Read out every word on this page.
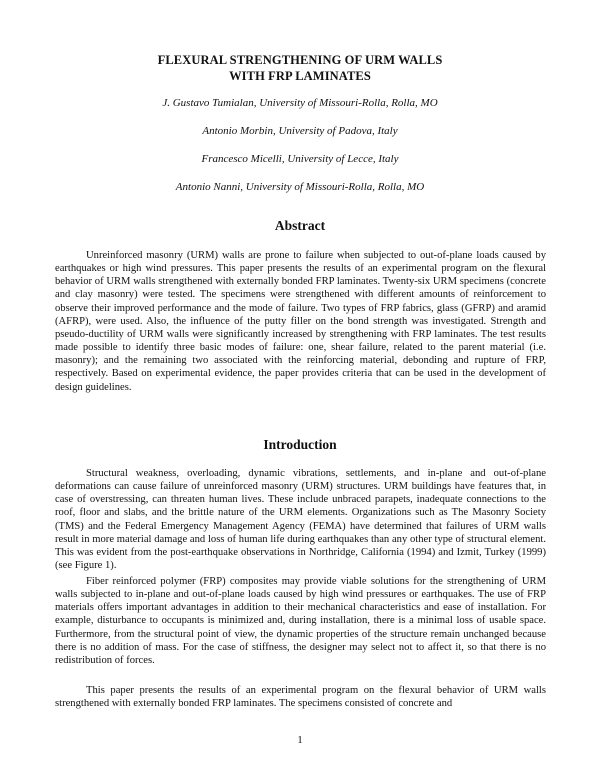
FLEXURAL STRENGTHENING OF URM WALLS
WITH FRP LAMINATES
J. Gustavo Tumialan, University of Missouri-Rolla, Rolla, MO
Antonio Morbin, University of Padova, Italy
Francesco Micelli, University of Lecce, Italy
Antonio Nanni, University of Missouri-Rolla, Rolla, MO
Abstract

Unreinforced masonry (URM) walls are prone to failure when subjected to out-of-plane loads caused by earthquakes or high wind pressures. This paper presents the results of an experimental program on the flexural behavior of URM walls strengthened with externally bonded FRP laminates. Twenty-six URM specimens (concrete and clay masonry) were tested. The specimens were strengthened with different amounts of reinforcement to observe their improved performance and the mode of failure. Two types of FRP fabrics, glass (GFRP) and aramid (AFRP), were used. Also, the influence of the putty filler on the bond strength was investigated. Strength and pseudo-ductility of URM walls were significantly increased by strengthening with FRP laminates. The test results made possible to identify three basic modes of failure: one, shear failure, related to the parent material (i.e. masonry); and the remaining two associated with the reinforcing material, debonding and rupture of FRP, respectively. Based on experimental evidence, the paper provides criteria that can be used in the development of design guidelines.

Introduction

Structural weakness, overloading, dynamic vibrations, settlements, and in-plane and out-of-plane deformations can cause failure of unreinforced masonry (URM) structures. URM buildings have features that, in case of overstressing, can threaten human lives. These include unbraced parapets, inadequate connections to the roof, floor and slabs, and the brittle nature of the URM elements. Organizations such as The Masonry Society (TMS) and the Federal Emergency Management Agency (FEMA) have determined that failures of URM walls result in more material damage and loss of human life during earthquakes than any other type of structural element. This was evident from the post-earthquake observations in Northridge, California (1994) and Izmit, Turkey (1999) (see Figure 1).

Fiber reinforced polymer (FRP) composites may provide viable solutions for the strengthening of URM walls subjected to in-plane and out-of-plane loads caused by high wind pressures or earthquakes. The use of FRP materials offers important advantages in addition to their mechanical characteristics and ease of installation. For example, disturbance to occupants is minimized and, during installation, there is a minimal loss of usable space. Furthermore, from the structural point of view, the dynamic properties of the structure remain unchanged because there is no addition of mass. For the case of stiffness, the designer may select not to affect it, so that there is no redistribution of forces.

This paper presents the results of an experimental program on the flexural behavior of URM walls strengthened with externally bonded FRP laminates. The specimens consisted of concrete and

1
